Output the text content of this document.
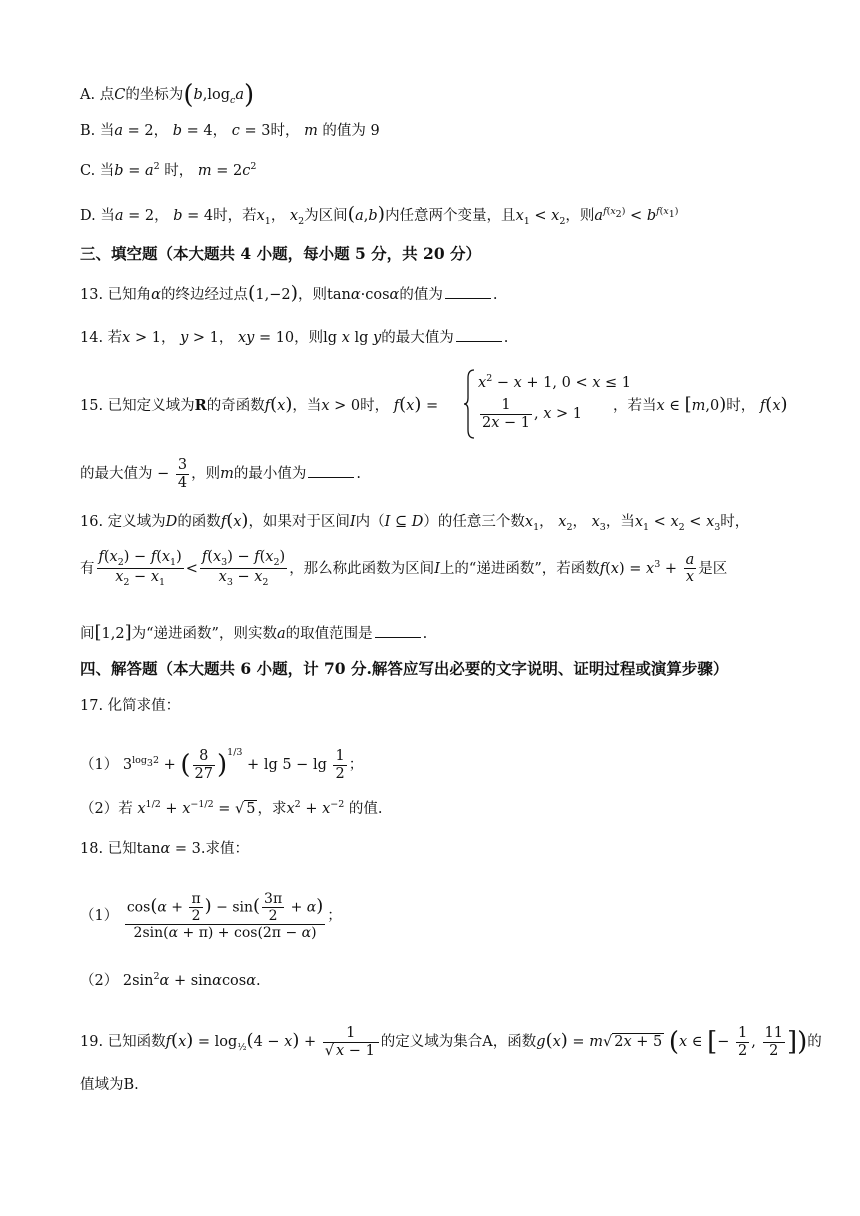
A. 点C的坐标为$(b,\log_ca)$
B. 当a = 2， b = 4， c = 3时， m 的值为 9
C. 当$b = a^2$ 时， $m = 2c^2$
D. 当a = 2， b = 4时，若$x_1$， $x_2$为区间(a,b)内任意两个变量，且$x_1 < x_2$，则$a^{f(x_2)} < b^{f(x_1)}$
三、填空题（本大题共 4 小题，每小题 5 分，共 20 分）
13. 已知角α的终边经过点(1,−2)，则tanα·cosα的值为	.
14. 若x > 1， y > 1， xy = 10，则lg x lg y的最大值为	.
15. 已知定义域为R的奇函数f(x)，当x > 0时， f(x) =
$x^2 - x + 1$, 0 < x ≤ 1
$\frac{1}{2x - 1}$ , x > 1 ，若当x ∈ [m,0)时， f(x)
的最大值为 − $\frac{3}{4}$ ，则m的最小值为	.
16. 定义域为D的函数f(x)，如果对于区间I内（I ⊆ D）的任意三个数$x_1$， $x_2$， $x_3$，当$x_1 < x_2 < x_3$时，
有 $\frac{f(x_2) - f(x_1)}{x_2 - x_1} < \frac{f(x_3) - f(x_2)}{x_3 - x_2}$ ，那么称此函数为区间I上的“递进函数”，若函数$f(x) = x^3 + \frac{a}{x}$ 是区
间[1,2]为“递进函数”，则实数a的取值范围是	.
四、解答题（本大题共 6 小题，计 70 分.解答应写出必要的文字说明、证明过程或演算步骤）
17. 化简求值：
（1） $3^{log_32}$ + ( $\frac{8}{27} )^{1/3} + \lg 5 - \lg \frac{1}{2}$ ；
（2）若 $x^{1/2} + x^{-1/2}$ = √ 5 ，求$x^2 + x^{-2}$ 的值.
18. 已知tanα = 3.求值：
$(1) \frac{\cos(\alpha + \frac{\pi}{2} ) - \sin( \frac{3\pi}{2} + \alpha)}{2\sin(\alpha + \pi) + \cos(2\pi - \alpha)}$ ；
（2） $2\sin^2\alpha + \sin\alpha\cos\alpha$.
19. 已知函数$f(x) = \log_{\frac{1}{2}}(4 - x) + \frac{1}{√ x - 1}$ 的定义域为集合A，函数g(x) = m√ 2x + 5 (x ∈ [− $\frac{1}{2}$ , $\frac{11}{2}$ ])的
值域为B.
